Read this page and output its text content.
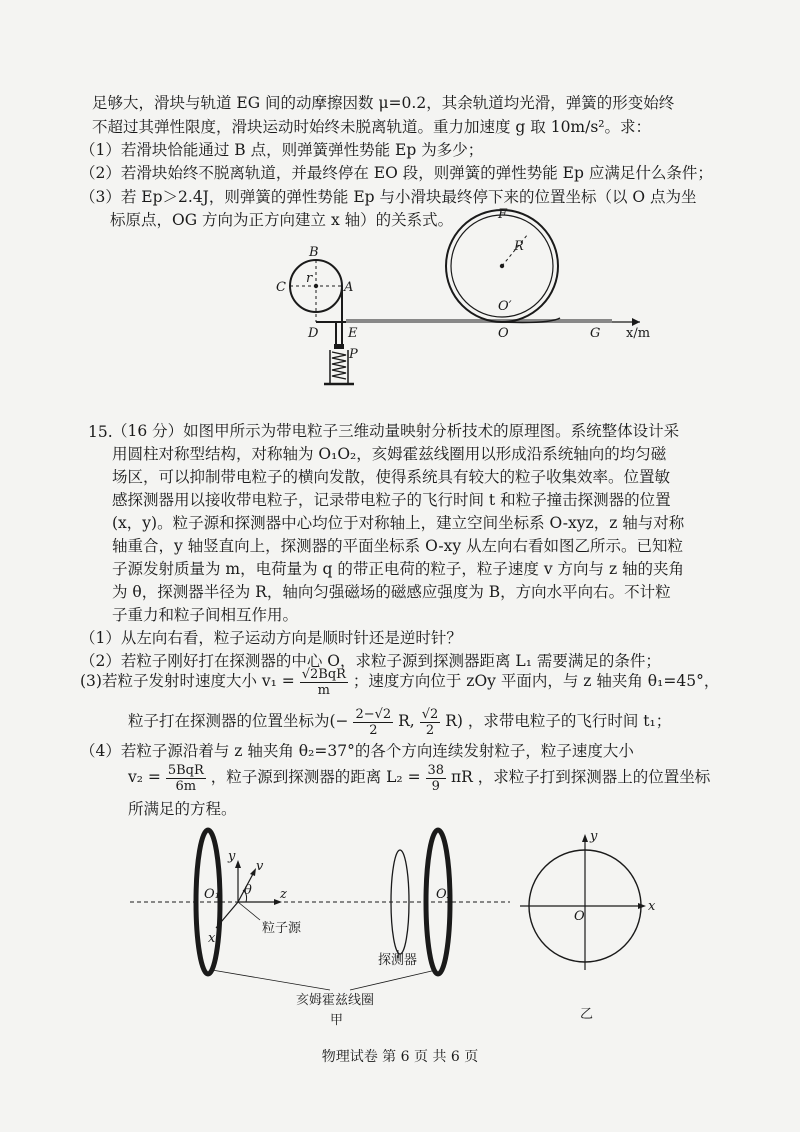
足够大，滑块与轨道 EG 间的动摩擦因数 μ=0.2，其余轨道均光滑，弹簧的形变始终
不超过其弹性限度，滑块运动时始终未脱离轨道。重力加速度 g 取 10m/s²。求：
（1）若滑块恰能通过 B 点，则弹簧弹性势能 Ep 为多少；
（2）若滑块始终不脱离轨道，并最终停在 EO 段，则弹簧的弹性势能 Ep 应满足什么条件；
（3）若 Ep＞2.4J，则弹簧的弹性势能 Ep 与小滑块最终停下来的位置坐标（以 O 点为坐
标原点，OG 方向为正方向建立 x 轴）的关系式。
B
C	A
D E
P
r
F
R
O′
O	G x/m
15. （16 分）如图甲所示为带电粒子三维动量映射分析技术的原理图。系统整体设计采
用圆柱对称型结构，对称轴为 O₁O₂，亥姆霍兹线圈用以形成沿系统轴向的均匀磁
场区，可以抑制带电粒子的横向发散，使得系统具有较大的粒子收集效率。位置敏
感探测器用以接收带电粒子，记录带电粒子的飞行时间 t 和粒子撞击探测器的位置
(x，y)。粒子源和探测器中心均位于对称轴上，建立空间坐标系 O-xyz，z 轴与对称
轴重合，y 轴竖直向上，探测器的平面坐标系 O-xy 从左向右看如图乙所示。已知粒
子源发射质量为 m，电荷量为 q 的带正电荷的粒子，粒子速度 v 方向与 z 轴的夹角
为 θ，探测器半径为 R，轴向匀强磁场的磁感应强度为 B，方向水平向右。不计粒
子重力和粒子间相互作用。
（1）从左向右看，粒子运动方向是顺时针还是逆时针？
（2）若粒子刚好打在探测器的中心 O，求粒子源到探测器距离 L₁ 需要满足的条件；
(3)若粒子发射时速度大小 $v_1 = \frac{\text{√2BqR}}{m}$ ；速度方向位于 zOy 平面内，与 z 轴夹角 θ₁=45°，
粒子打在探测器的位置坐标为(− $\frac{2-√2}{2} R$, $\frac{√2}{2} R$) ，求带电粒子的飞行时间 t₁；
（4）若粒子源沿着与 z 轴夹角 θ₂=37°的各个方向连续发射粒子，粒子速度大小
$v_2 = \frac{\text{5BqR}}{6m}$ ，粒子源到探测器的距离 $L_2 = \frac{38}{9}$ πR ，求粒子打到探测器上的位置坐标
所满足的方程。
y
v
θ z
O₁	O₂
x
粒子源
探测器
亥姆霍兹线圈
甲
y
x
O
乙
物理试卷 第 6 页 共 6 页
